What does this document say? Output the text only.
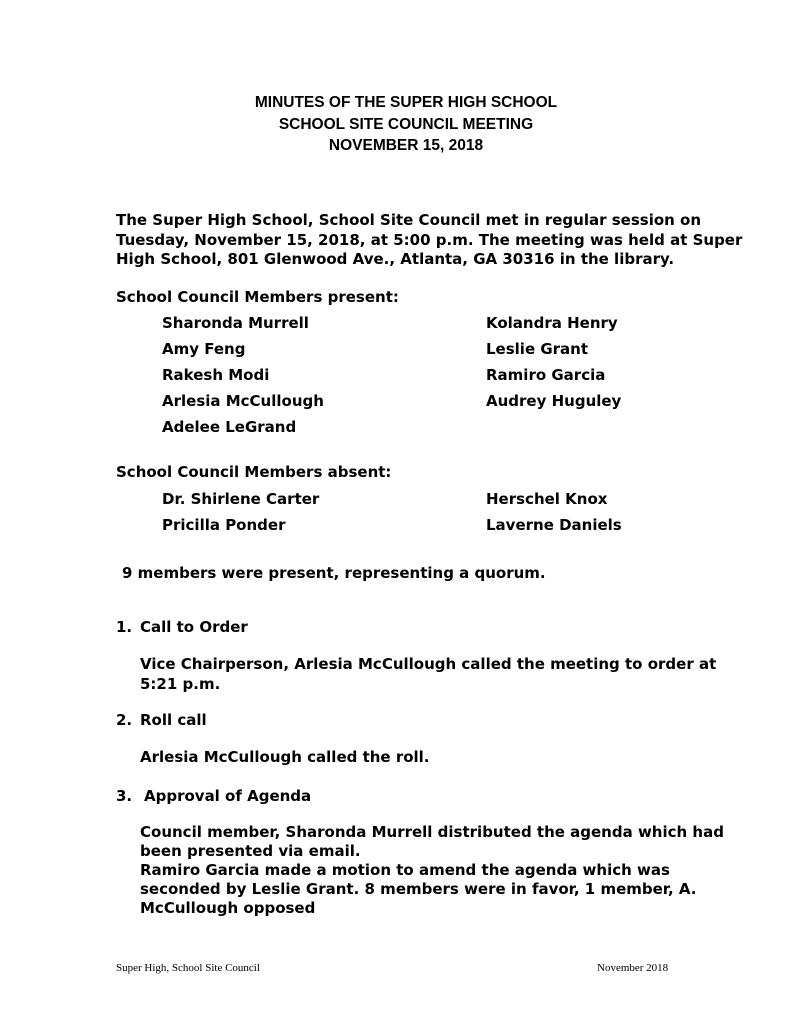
MINUTES OF THE SUPER HIGH SCHOOL
SCHOOL SITE COUNCIL MEETING
NOVEMBER 15, 2018
The Super High School, School Site Council met in regular session on
Tuesday, November 15, 2018, at 5:00 p.m. The meeting was held at Super
High School, 801 Glenwood Ave., Atlanta, GA 30316 in the library.
School Council Members present:
Sharonda Murrell
Amy Feng
Rakesh Modi
Arlesia McCullough
Adelee LeGrand
Kolandra Henry
Leslie Grant
Ramiro Garcia
Audrey Huguley
School Council Members absent:
Dr. Shirlene Carter
Pricilla Ponder
Herschel Knox
Laverne Daniels
9 members were present, representing a quorum.
1. Call to Order
Vice Chairperson, Arlesia McCullough called the meeting to order at
5:21 p.m.
2. Roll call
Arlesia McCullough called the roll.
3. Approval of Agenda
Council member, Sharonda Murrell distributed the agenda which had
been presented via email.
Ramiro Garcia made a motion to amend the agenda which was
seconded by Leslie Grant. 8 members were in favor, 1 member, A.
McCullough opposed
Super High, School Site Council	November 2018
